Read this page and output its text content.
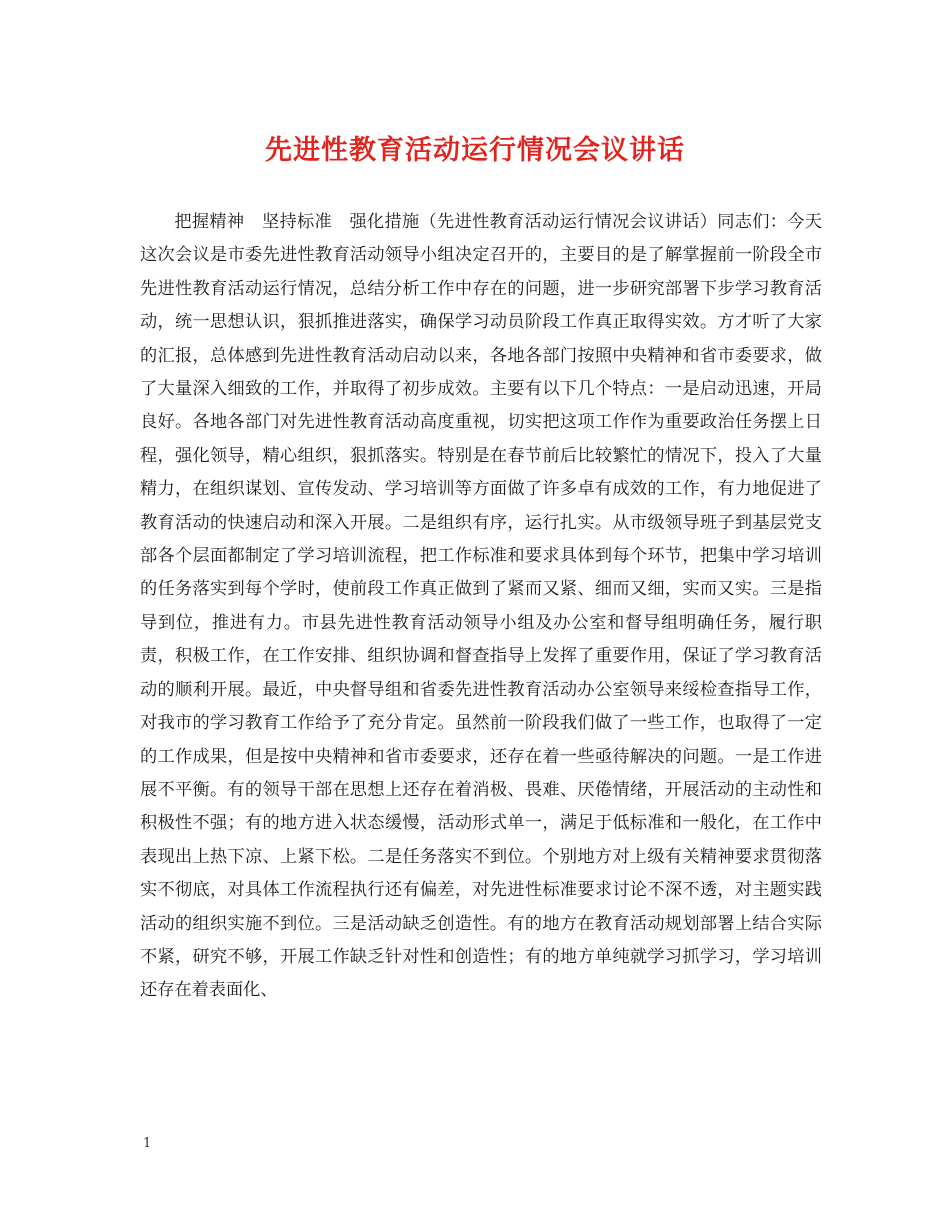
先进性教育活动运行情况会议讲话

把握精神　坚持标准　强化措施（先进性教育活动运行情况会议讲话）同志们：今天这次会议是市委先进性教育活动领导小组决定召开的，主要目的是了解掌握前一阶段全市先进性教育活动运行情况，总结分析工作中存在的问题，进一步研究部署下步学习教育活动，统一思想认识，狠抓推进落实，确保学习动员阶段工作真正取得实效。方才听了大家的汇报，总体感到先进性教育活动启动以来，各地各部门按照中央精神和省市委要求，做了大量深入细致的工作，并取得了初步成效。主要有以下几个特点：一是启动迅速，开局良好。各地各部门对先进性教育活动高度重视，切实把这项工作作为重要政治任务摆上日程，强化领导，精心组织，狠抓落实。特别是在春节前后比较繁忙的情况下，投入了大量精力，在组织谋划、宣传发动、学习培训等方面做了许多卓有成效的工作，有力地促进了教育活动的快速启动和深入开展。二是组织有序，运行扎实。从市级领导班子到基层党支部各个层面都制定了学习培训流程，把工作标准和要求具体到每个环节，把集中学习培训的任务落实到每个学时，使前段工作真正做到了紧而又紧、细而又细，实而又实。三是指导到位，推进有力。市县先进性教育活动领导小组及办公室和督导组明确任务，履行职责，积极工作，在工作安排、组织协调和督查指导上发挥了重要作用，保证了学习教育活动的顺利开展。最近，中央督导组和省委先进性教育活动办公室领导来绥检查指导工作，对我市的学习教育工作给予了充分肯定。虽然前一阶段我们做了一些工作，也取得了一定的工作成果，但是按中央精神和省市委要求，还存在着一些亟待解决的问题。一是工作进展不平衡。有的领导干部在思想上还存在着消极、畏难、厌倦情绪，开展活动的主动性和积极性不强；有的地方进入状态缓慢，活动形式单一，满足于低标准和一般化，在工作中表现出上热下凉、上紧下松。二是任务落实不到位。个别地方对上级有关精神要求贯彻落实不彻底，对具体工作流程执行还有偏差，对先进性标准要求讨论不深不透，对主题实践活动的组织实施不到位。三是活动缺乏创造性。有的地方在教育活动规划部署上结合实际不紧，研究不够，开展工作缺乏针对性和创造性；有的地方单纯就学习抓学习，学习培训还存在着表面化、

1
